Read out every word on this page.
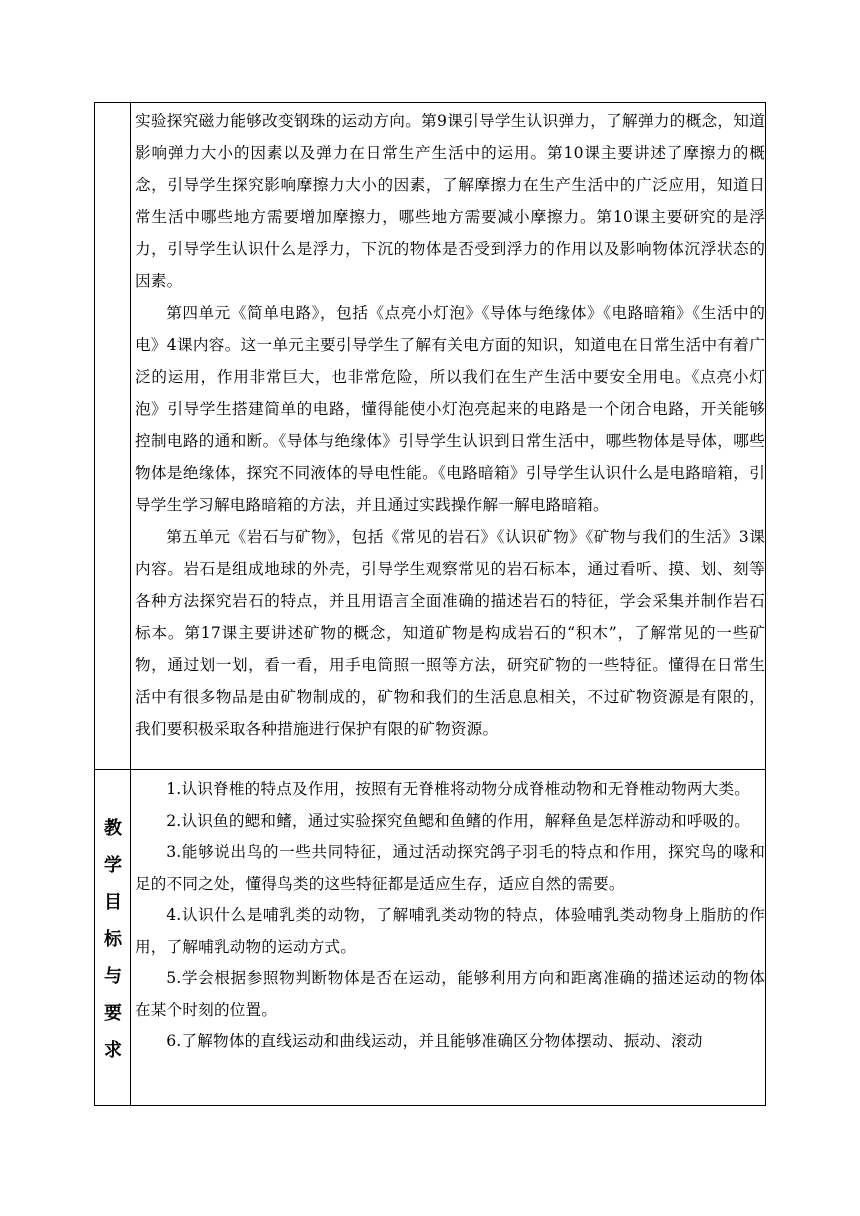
实验探究磁力能够改变钢珠的运动方向。第9课引导学生认识弹力，了解弹力的概念，知道影响弹力大小的因素以及弹力在日常生产生活中的运用。第10课主要讲述了摩擦力的概念，引导学生探究影响摩擦力大小的因素，了解摩擦力在生产生活中的广泛应用，知道日常生活中哪些地方需要增加摩擦力，哪些地方需要减小摩擦力。第10课主要研究的是浮力，引导学生认识什么是浮力，下沉的物体是否受到浮力的作用以及影响物体沉浮状态的因素。

第四单元《简单电路》，包括《点亮小灯泡》《导体与绝缘体》《电路暗箱》《生活中的电》4课内容。这一单元主要引导学生了解有关电方面的知识，知道电在日常生活中有着广泛的运用，作用非常巨大，也非常危险，所以我们在生产生活中要安全用电。《点亮小灯泡》引导学生搭建简单的电路，懂得能使小灯泡亮起来的电路是一个闭合电路，开关能够控制电路的通和断。《导体与绝缘体》引导学生认识到日常生活中，哪些物体是导体，哪些物体是绝缘体，探究不同液体的导电性能。《电路暗箱》引导学生认识什么是电路暗箱，引导学生学习解电路暗箱的方法，并且通过实践操作解一解电路暗箱。

第五单元《岩石与矿物》，包括《常见的岩石》《认识矿物》《矿物与我们的生活》3课内容。岩石是组成地球的外壳，引导学生观察常见的岩石标本，通过看听、摸、划、刻等各种方法探究岩石的特点，并且用语言全面准确的描述岩石的特征，学会采集并制作岩石标本。第17课主要讲述矿物的概念，知道矿物是构成岩石的“积木”，了解常见的一些矿物，通过划一划，看一看，用手电筒照一照等方法，研究矿物的一些特征。懂得在日常生活中有很多物品是由矿物制成的，矿物和我们的生活息息相关，不过矿物资源是有限的，我们要积极采取各种措施进行保护有限的矿物资源。

教
学
目
标
与
要
求

1.认识脊椎的特点及作用，按照有无脊椎将动物分成脊椎动物和无脊椎动物两大类。

2.认识鱼的鳃和鳍，通过实验探究鱼鳃和鱼鳍的作用，解释鱼是怎样游动和呼吸的。

3.能够说出鸟的一些共同特征，通过活动探究鸽子羽毛的特点和作用，探究鸟的喙和足的不同之处，懂得鸟类的这些特征都是适应生存，适应自然的需要。

4.认识什么是哺乳类的动物，了解哺乳类动物的特点，体验哺乳类动物身上脂肪的作用，了解哺乳动物的运动方式。

5.学会根据参照物判断物体是否在运动，能够利用方向和距离准确的描述运动的物体在某个时刻的位置。

6.了解物体的直线运动和曲线运动，并且能够准确区分物体摆动、振动、滚动
